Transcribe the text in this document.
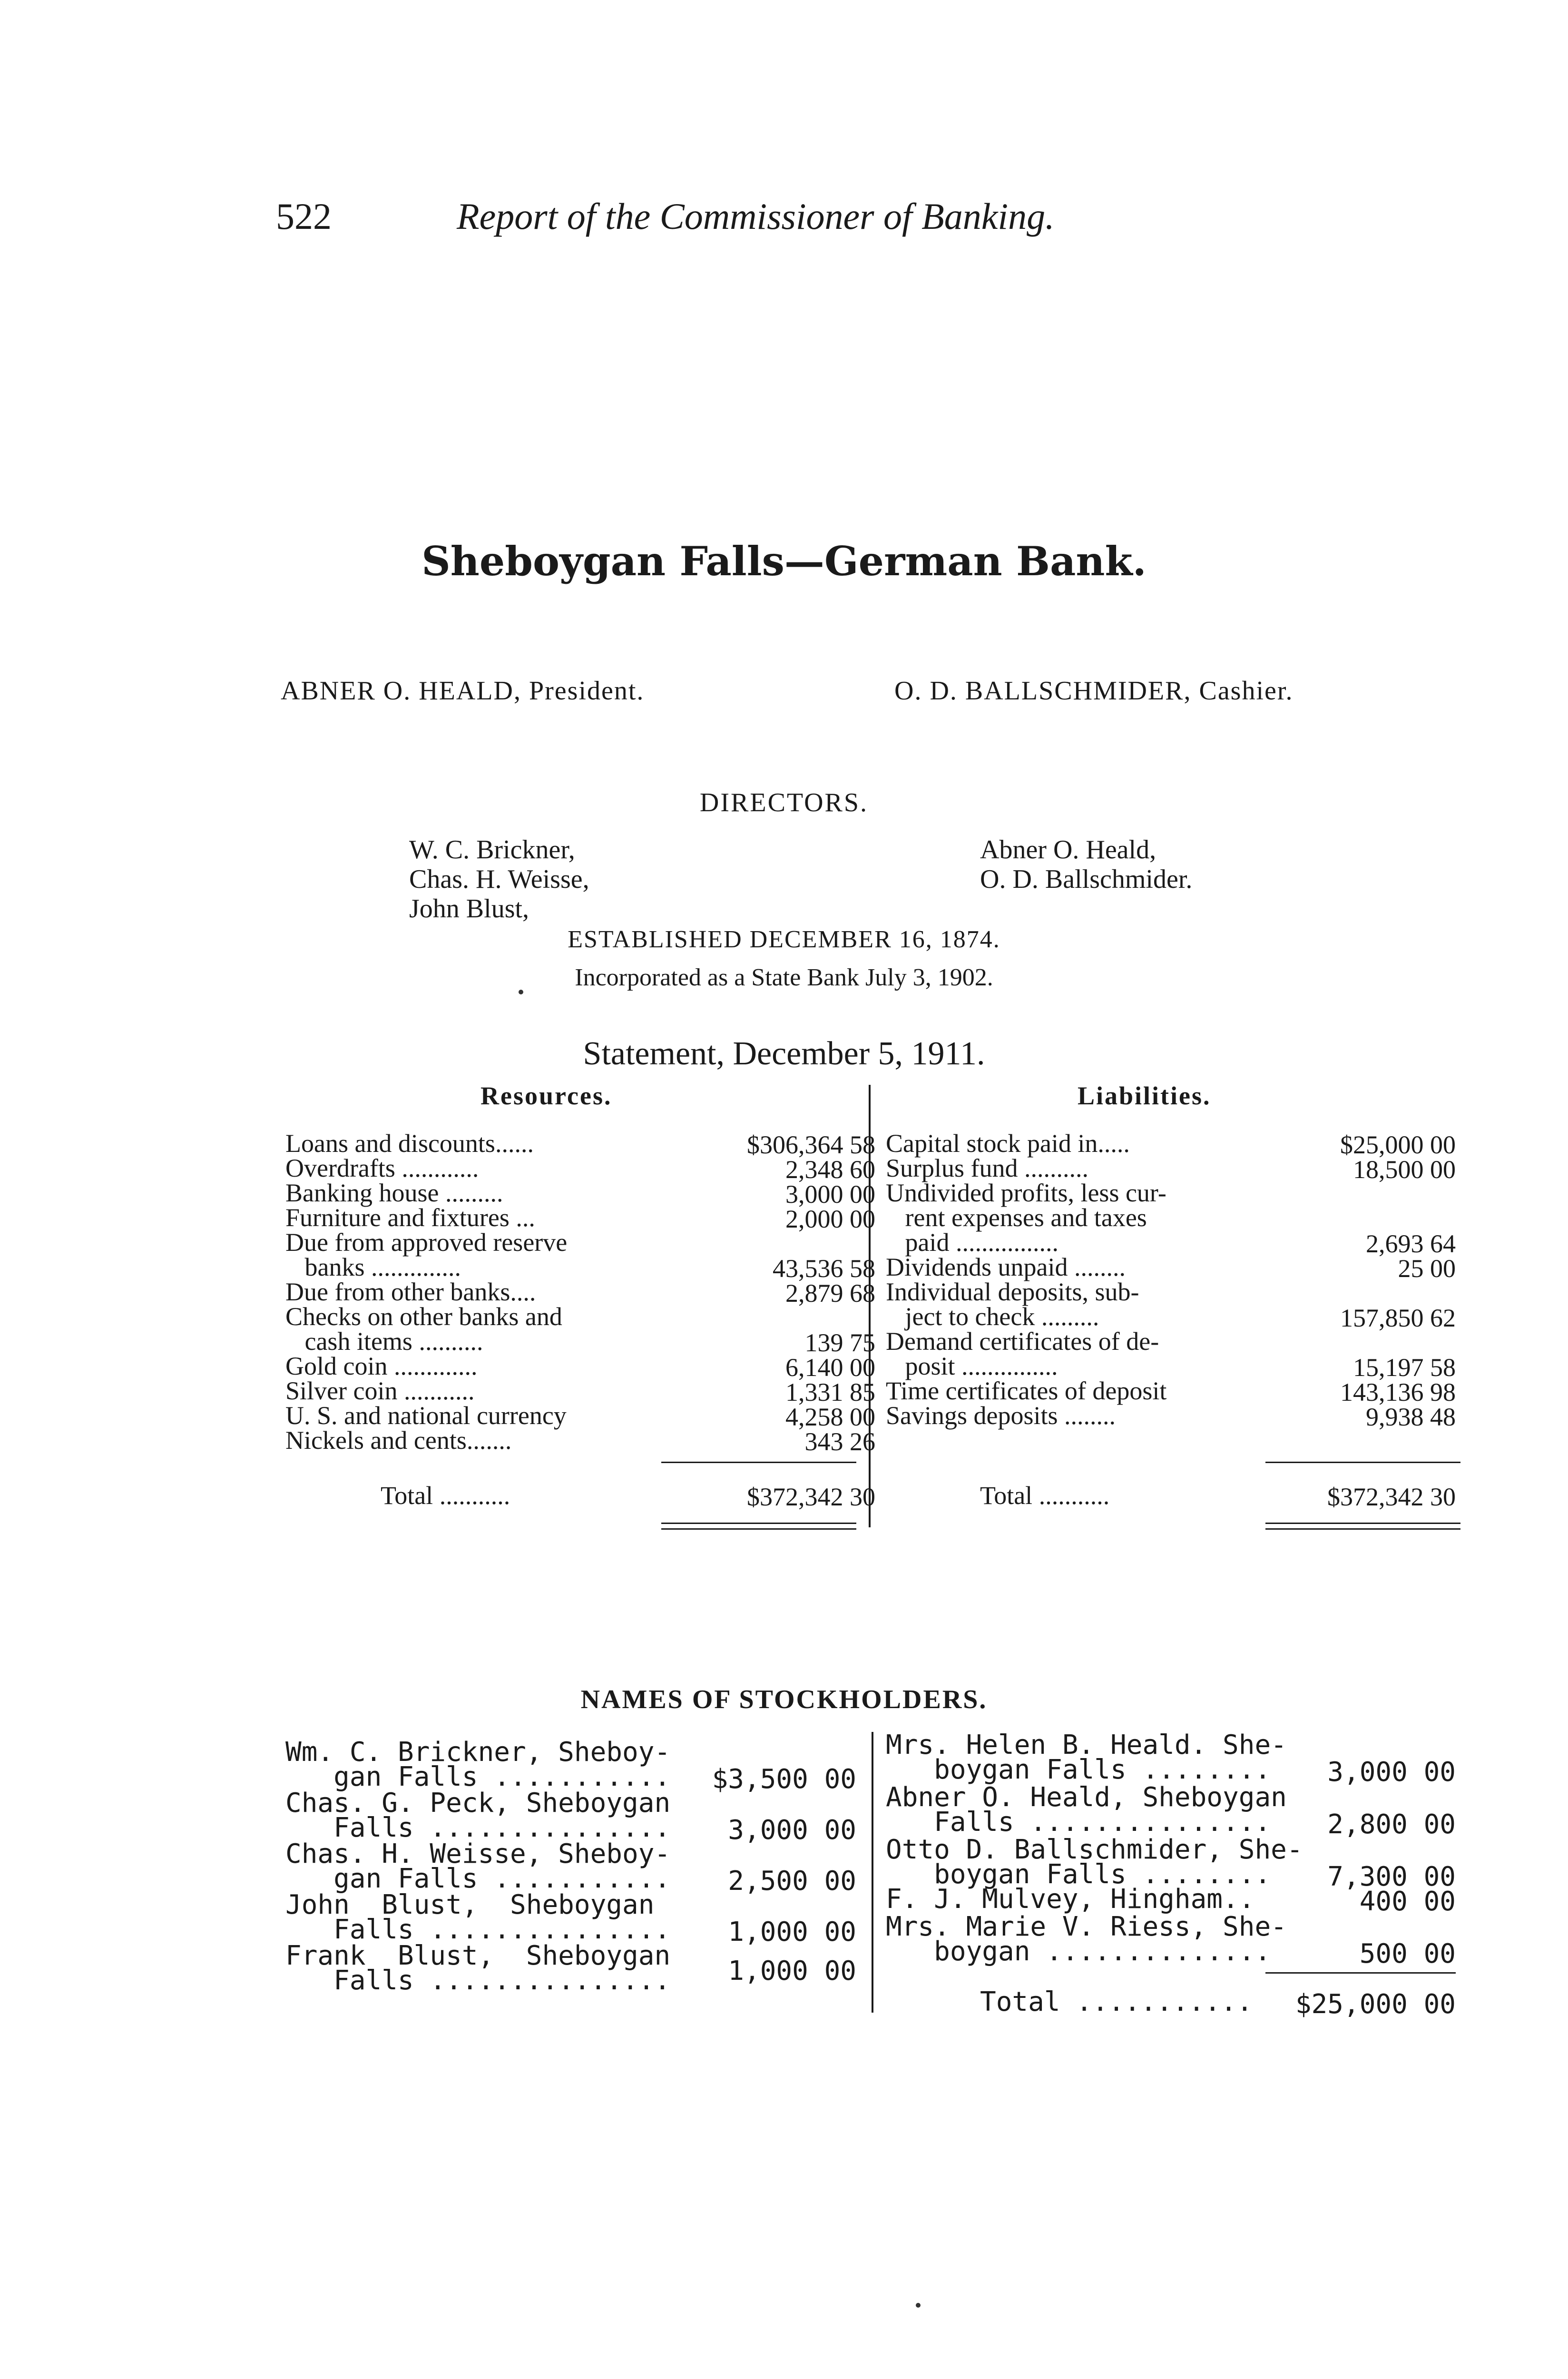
522	Report of the Commissioner of Banking.
Sheboygan Falls—German Bank.
ABNER O. HEALD, President.	O. D. BALLSCHMIDER, Cashier.
DIRECTORS.
W. C. Brickner,
Chas. H. Weisse,
John Blust,
Abner O. Heald,
O. D. Ballschmider.
ESTABLISHED DECEMBER 16, 1874.
Incorporated as a State Bank July 3, 1902.
Statement, December 5, 1911.
Resources.	Liabilities.
Loans and discounts......	$306,364 58
Overdrafts ............	2,348 60
Banking house .........	3,000 00
Furniture and fixtures ...	2,000 00
Due from approved reserve
banks ..............	43,536 58
Due from other banks....	2,879 68
Checks on other banks and
cash items ..........	139 75
Gold coin .............	6,140 00
Silver coin ...........	1,331 85
U. S. and national currency	4,258 00
Nickels and cents.......	343 26
Total ...........	$372,342 30
Capital stock paid in.....	$25,000 00
Surplus fund ..........	18,500 00
Undivided profits, less cur-
rent expenses and taxes
paid ................	2,693 64
Dividends unpaid ........	25 00
Individual deposits, sub-
ject to check .........	157,850 62
Demand certificates of de-
posit ...............	15,197 58
Time certificates of deposit	143,136 98
Savings deposits ........	9,938 48
Total ...........	$372,342 30
NAMES OF STOCKHOLDERS.
Wm. C. Brickner, Sheboy-
gan Falls ........... $3,500 00
Chas. G. Peck, Sheboygan
Falls ............... 3,000 00
Chas. H. Weisse, Sheboy-
gan Falls ........... 2,500 00
John  Blust,  Sheboygan
Falls ............... 1,000 00
Frank  Blust,  Sheboygan
Falls ............... 1,000 00
Mrs. Helen B. Heald. She-
boygan Falls ........ 3,000 00
Abner O. Heald, Sheboygan
Falls ............... 2,800 00
Otto D. Ballschmider, She-
boygan Falls ........ 7,300 00
F. J. Mulvey, Hingham..	400 00
Mrs. Marie V. Riess, She-
boygan ..............	500 00
Total ........... $25,000 00
